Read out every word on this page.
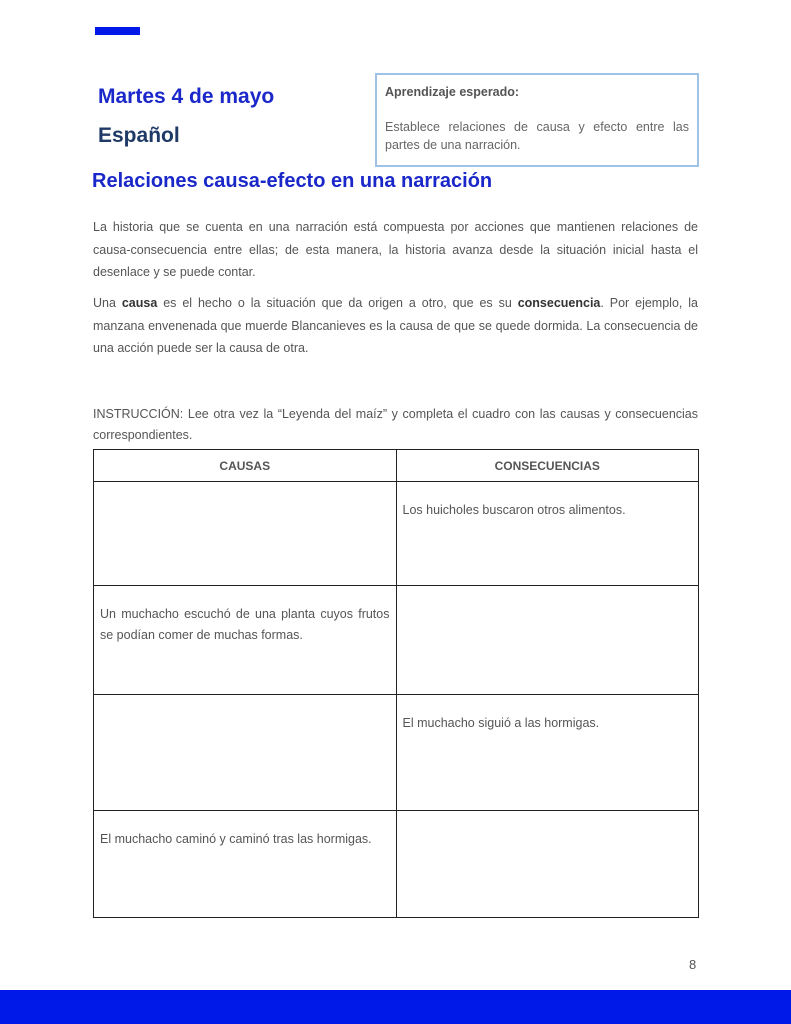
Martes 4 de mayo
Español

Aprendizaje esperado:

Establece relaciones de causa y efecto entre las partes de una narración.

Relaciones causa-efecto en una narración

La historia que se cuenta en una narración está compuesta por acciones que mantienen relaciones de causa-consecuencia entre ellas; de esta manera, la historia avanza desde la situación inicial hasta el desenlace y se puede contar.

Una causa es el hecho o la situación que da origen a otro, que es su consecuencia. Por ejemplo, la manzana envenenada que muerde Blancanieves es la causa de que se quede dormida. La consecuencia de una acción puede ser la causa de otra.

INSTRUCCIÓN: Lee otra vez la “Leyenda del maíz” y completa el cuadro con las causas y consecuencias correspondientes.

CAUSAS	CONSECUENCIAS
	Los huicholes buscaron otros alimentos.
Un muchacho escuchó de una planta cuyos frutos se podían comer de muchas formas.	
	El muchacho siguió a las hormigas.
El muchacho caminó y caminó tras las hormigas.	

8
